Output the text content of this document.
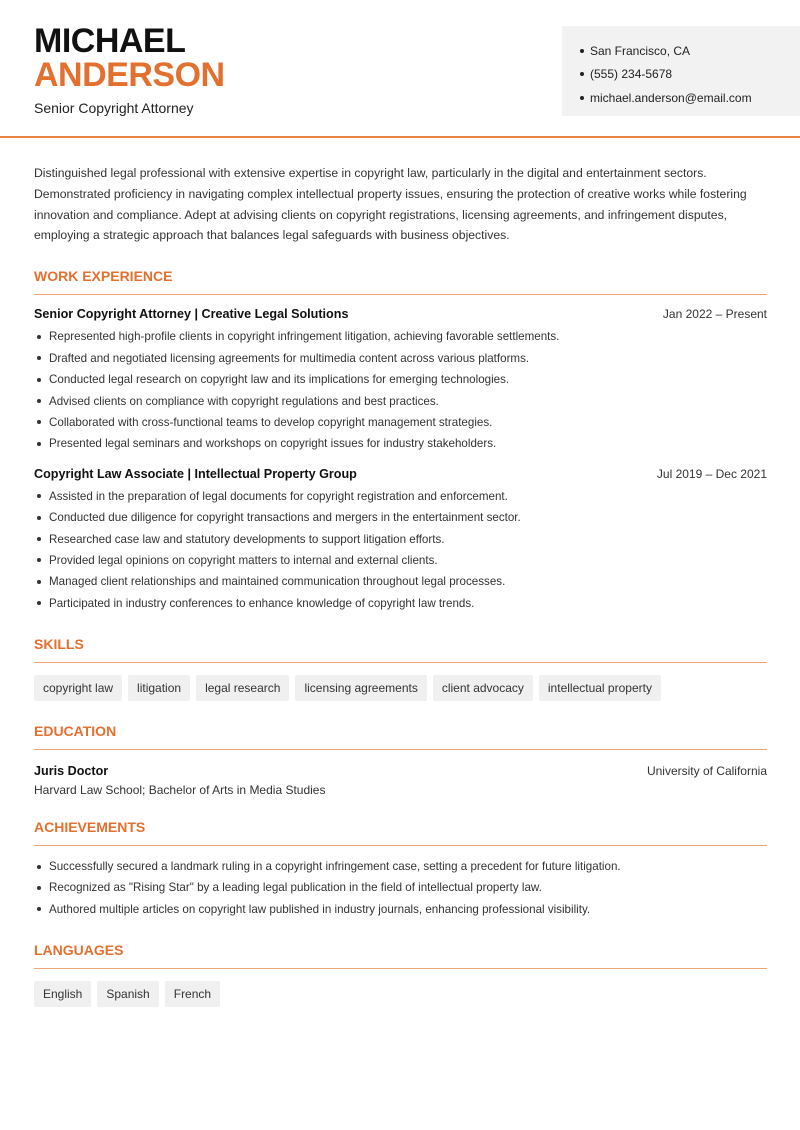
MICHAEL
ANDERSON
Senior Copyright Attorney
San Francisco, CA
(555) 234-5678
michael.anderson@email.com

Distinguished legal professional with extensive expertise in copyright law, particularly in the digital and entertainment sectors. Demonstrated proficiency in navigating complex intellectual property issues, ensuring the protection of creative works while fostering innovation and compliance. Adept at advising clients on copyright registrations, licensing agreements, and infringement disputes, employing a strategic approach that balances legal safeguards with business objectives.

WORK EXPERIENCE
Senior Copyright Attorney | Creative Legal Solutions	Jan 2022 – Present
Represented high-profile clients in copyright infringement litigation, achieving favorable settlements.
Drafted and negotiated licensing agreements for multimedia content across various platforms.
Conducted legal research on copyright law and its implications for emerging technologies.
Advised clients on compliance with copyright regulations and best practices.
Collaborated with cross-functional teams to develop copyright management strategies.
Presented legal seminars and workshops on copyright issues for industry stakeholders.
Copyright Law Associate | Intellectual Property Group	Jul 2019 – Dec 2021
Assisted in the preparation of legal documents for copyright registration and enforcement.
Conducted due diligence for copyright transactions and mergers in the entertainment sector.
Researched case law and statutory developments to support litigation efforts.
Provided legal opinions on copyright matters to internal and external clients.
Managed client relationships and maintained communication throughout legal processes.
Participated in industry conferences to enhance knowledge of copyright law trends.
SKILLS
copyright law	litigation	legal research	licensing agreements	client advocacy	intellectual property
EDUCATION
Juris Doctor	University of California
Harvard Law School; Bachelor of Arts in Media Studies
ACHIEVEMENTS
Successfully secured a landmark ruling in a copyright infringement case, setting a precedent for future litigation.
Recognized as "Rising Star" by a leading legal publication in the field of intellectual property law.
Authored multiple articles on copyright law published in industry journals, enhancing professional visibility.
LANGUAGES
English	Spanish	French
